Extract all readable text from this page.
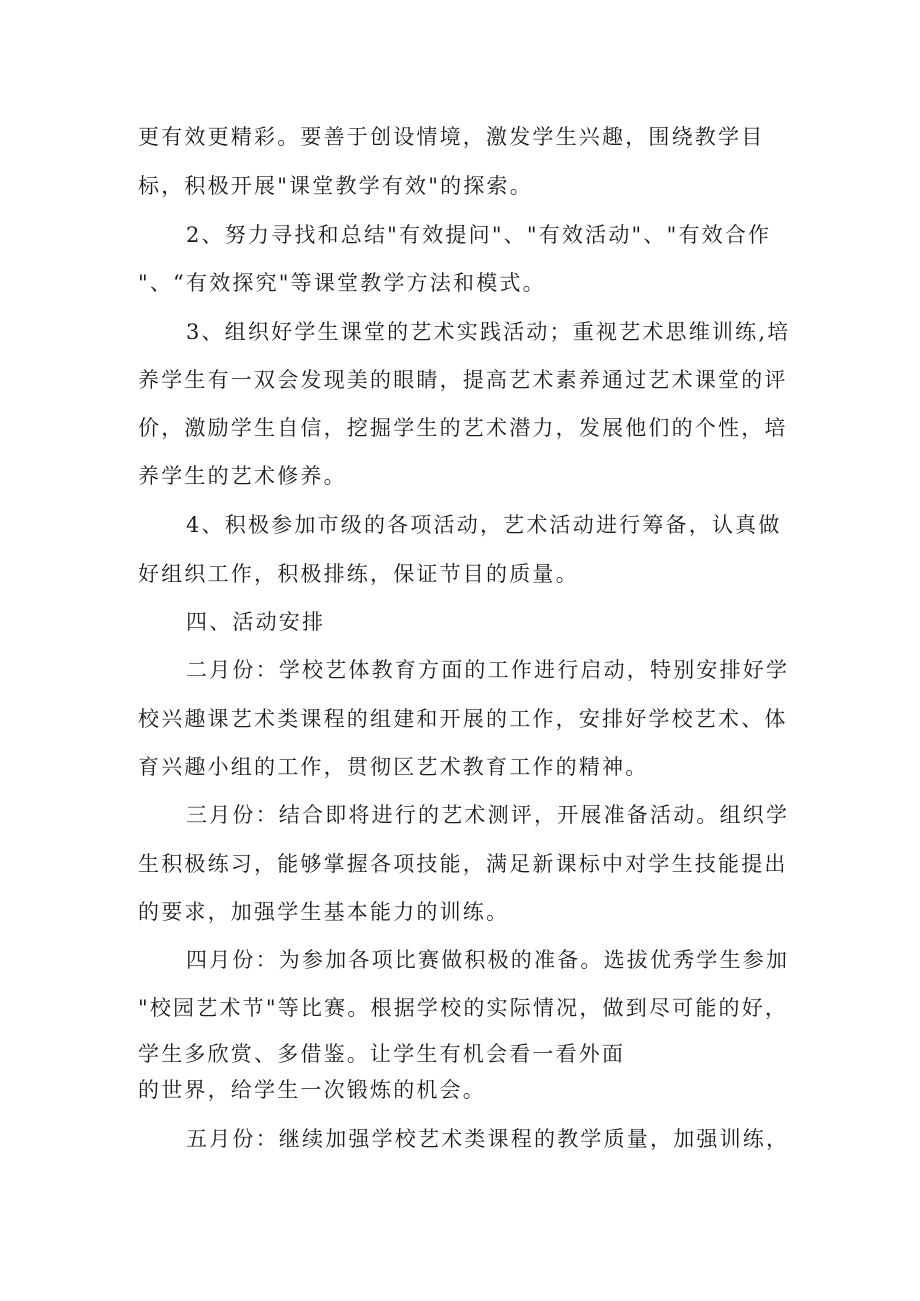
更有效更精彩。要善于创设情境，激发学生兴趣，围绕教学目
标，积极开展"课堂教学有效"的探索。
2、努力寻找和总结"有效提问"、"有效活动"、"有效合作
"、“有效探究"等课堂教学方法和模式。
3、组织好学生课堂的艺术实践活动；重视艺术思维训练,培
养学生有一双会发现美的眼睛，提高艺术素养通过艺术课堂的评
价，激励学生自信，挖掘学生的艺术潜力，发展他们的个性，培
养学生的艺术修养。
4、积极参加市级的各项活动，艺术活动进行筹备，认真做
好组织工作，积极排练，保证节目的质量。
四、活动安排
二月份：学校艺体教育方面的工作进行启动，特别安排好学
校兴趣课艺术类课程的组建和开展的工作，安排好学校艺术、体
育兴趣小组的工作，贯彻区艺术教育工作的精神。
三月份：结合即将进行的艺术测评，开展准备活动。组织学
生积极练习，能够掌握各项技能，满足新课标中对学生技能提出
的要求，加强学生基本能力的训练。
四月份：为参加各项比赛做积极的准备。选拔优秀学生参加
"校园艺术节"等比赛。根据学校的实际情况，做到尽可能的好，
学生多欣赏、多借鉴。让学生有机会看一看外面
的世界，给学生一次锻炼的机会。
五月份：继续加强学校艺术类课程的教学质量，加强训练，
